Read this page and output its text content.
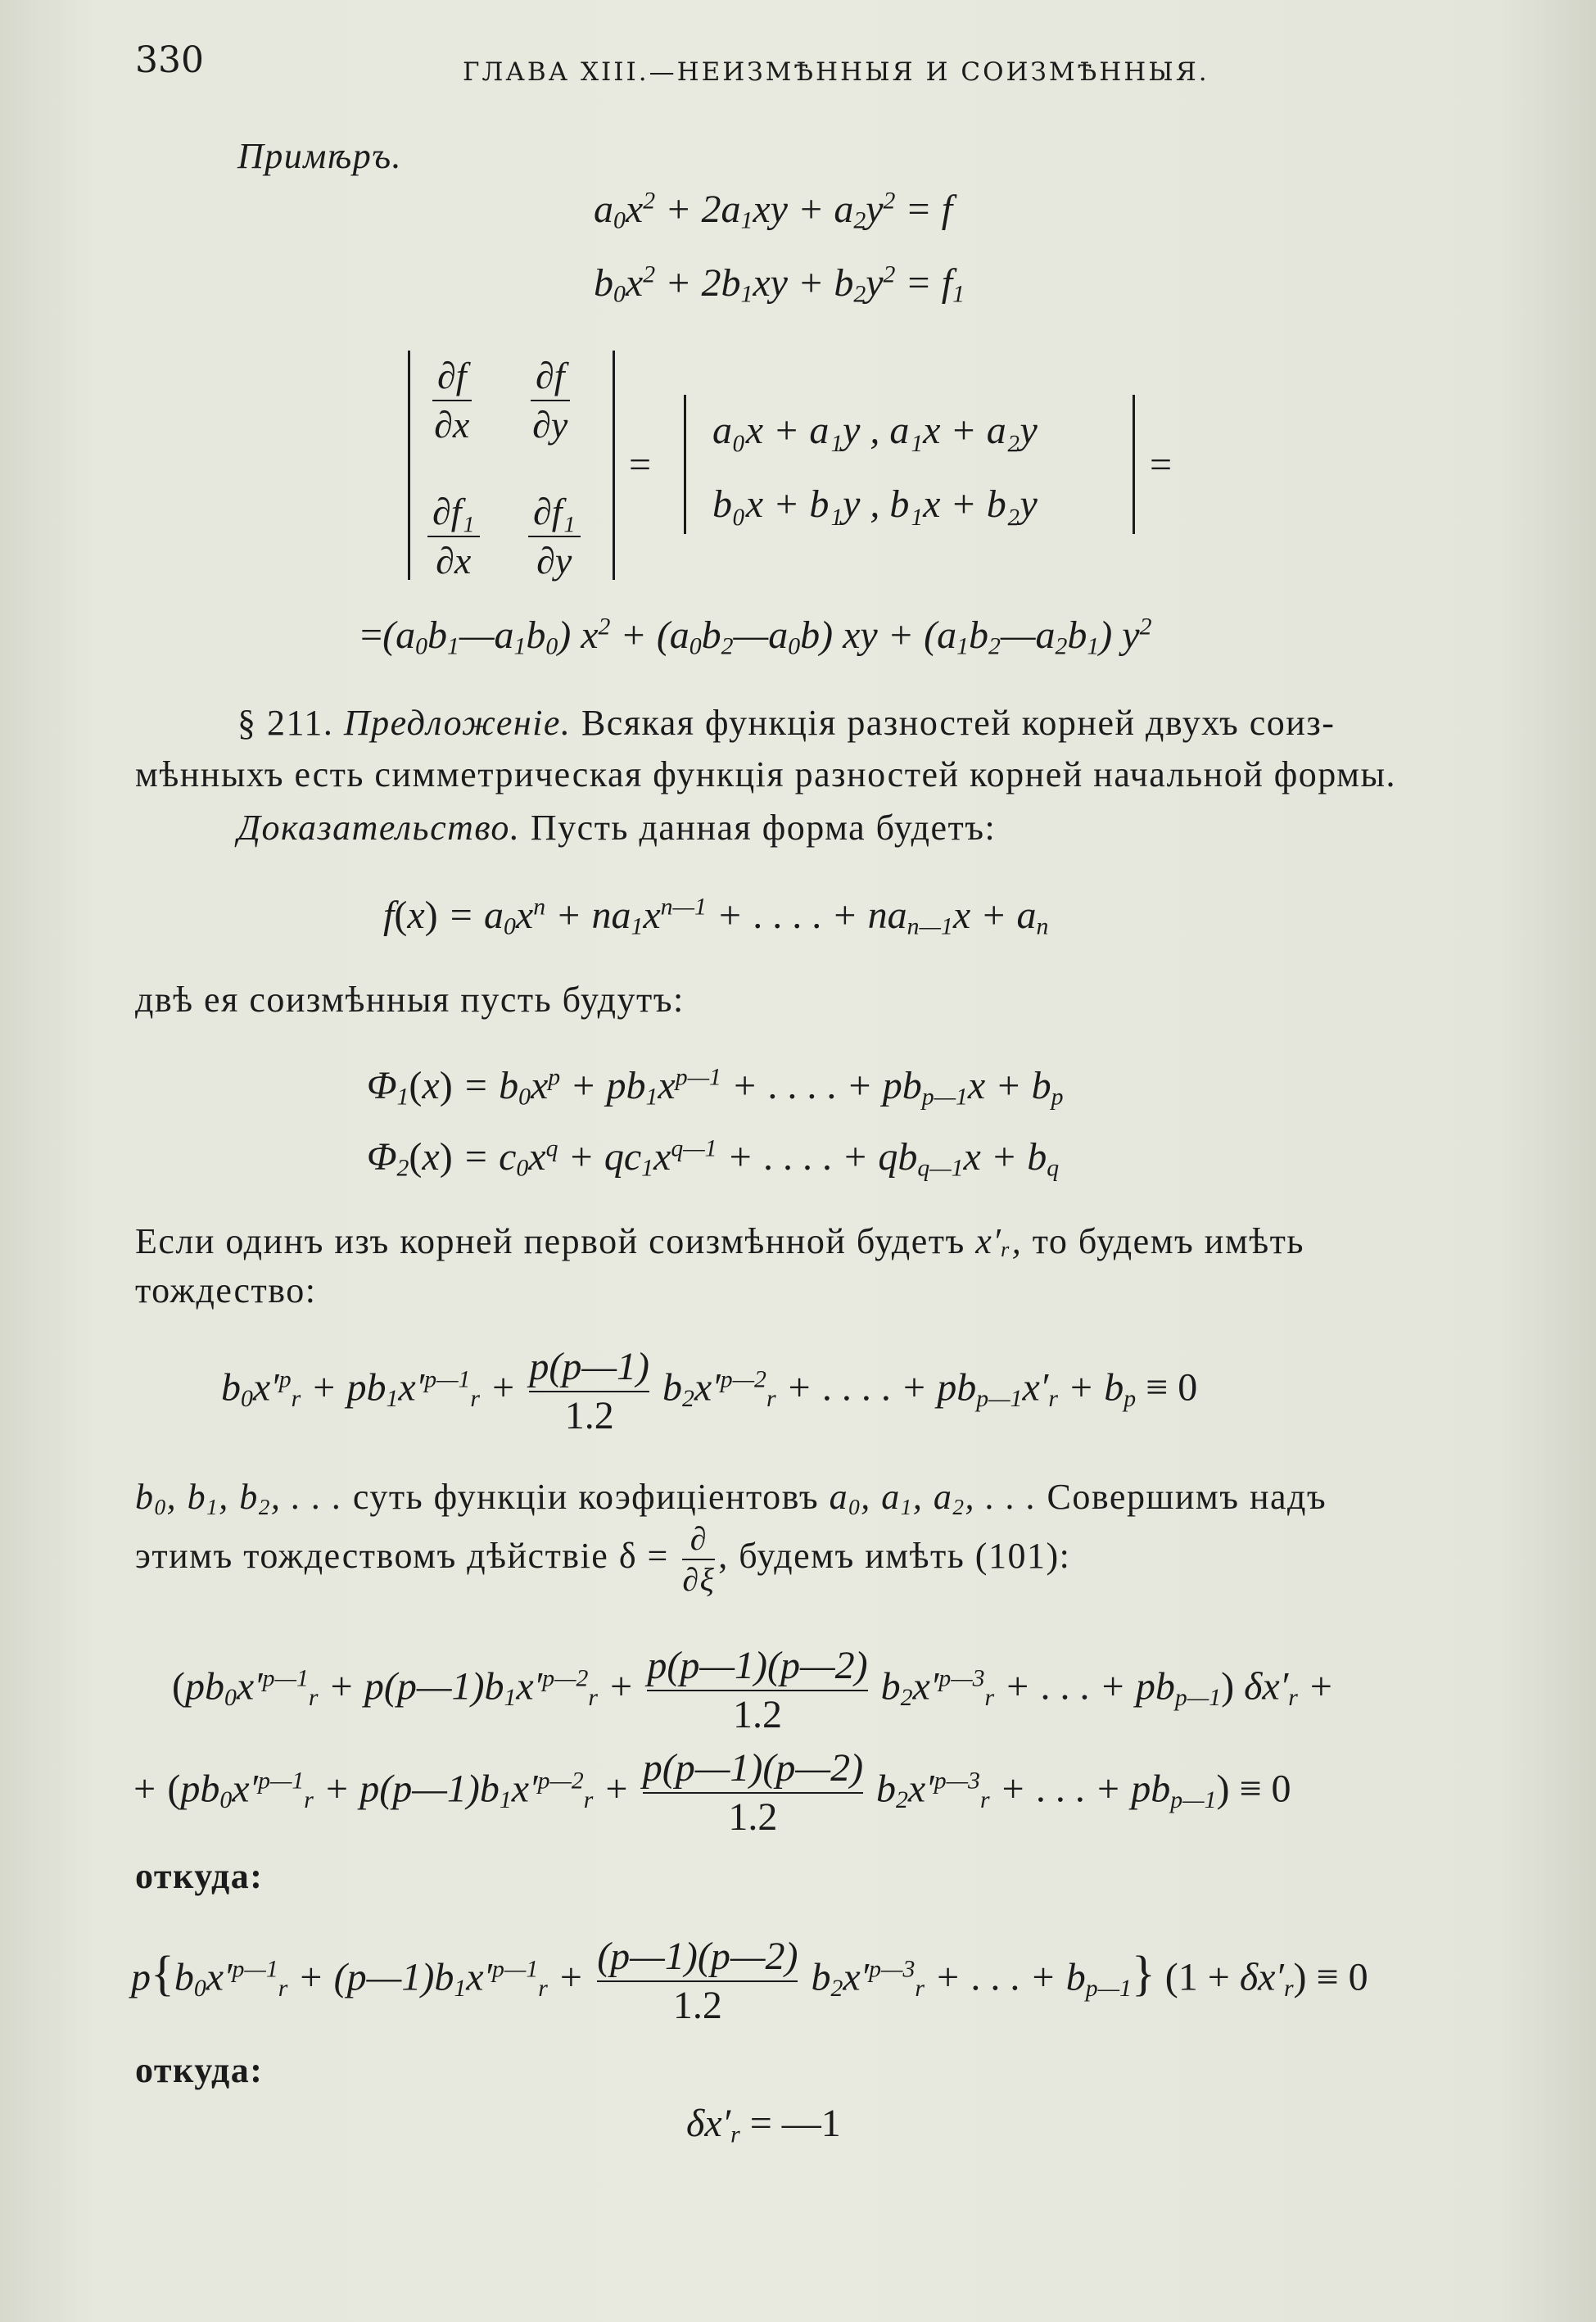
330	ГЛАВА XIII.—НЕИЗМѢННЫЯ И СОИЗМѢННЫЯ.
Примѣръ.
$a_0x^2 + 2a_1xy + a_2y^2 = f$
$b_0x^2 + 2b_1xy + b_2y^2 = f_1$
∂f
∂x
∂f
∂y
∂f₁
∂x
∂f₁
∂y
=
a₀x + a₁y , a₁x + a₂y
b₀x + b₁y , b₁x + b₂y
=
$=(a_0b_1—a_1b_0) x^2$ + $(a_0b_2—a_0b)$ xy + $(a_1b_2—a_2b_1)$ $y^2$
§ 211. Предложеніе. Всякая функція разностей корней двухъ соиз-
мѣнныхъ есть симметрическая функція разностей корней начальной формы.
Доказательство. Пусть данная форма будетъ:
$f(x) = a_0x^n + na_1x^{n—1}$ + . . . . + $na_{n—1}x + a_n$
двѣ ея соизмѣнныя пусть будутъ:
$\Phi_1(x) = b_0x^p + pb_1x^{p—1}$ + . . . . + $pb_{p—1}x + b_p$
$\Phi_2(x) = c_0x^q + qc_1x^{q—1}$ + . . . . + $qb_{q—1}x + b_q$
Если одинъ изъ корней первой соизмѣнной будетъ x′ᵣ, то будемъ имѣть
тождество:
$b_0x'^p_r + pb_1x'^{p—1}_r + \frac{p(p—1)}{1.2} b_2x'^{p—2}_r$ + . . . . + $pb_{p—1}x'_r + b_p \equiv 0$
$b_0$, $b_1$, $b_2$, . . . суть функціи коэфиціентовъ $a_0$, $a_1$, $a_2$, . . . Совершимъ надъ
этимъ тождествомъ дѣйствіе $\delta = \frac{\partial}{\partial\xi}$ , будемъ имѣть (101):
($pb_0x'^{p—1}_r$ + $p(p—1)b_1x'^{p—2}_r + \frac{p(p—1)(p—2)}{1.2} b_2x'^{p—3}_r$ + . . . + $pb_{p—1}$) $\delta x'_r$ +
+ ($pb_0x'^{p—1}_r$ + $p(p—1)b_1x'^{p—2}_r + \frac{p(p—1)(p—2)}{1.2} b_2x'^{p—3}_r$ + . . . + $pb_{p—1}) \equiv 0$
откуда:
$p\{b_0x'^{p—1}_r$ + $(p—1)b_1x'^{p—1}_r + \frac{(p—1)(p—2)}{1.2} b_2x'^{p—3}_r$ + . . . + $b_{p—1}$} $(1 + \delta x'_r) \equiv 0$
откуда:
$\delta x'_r$ = —1
